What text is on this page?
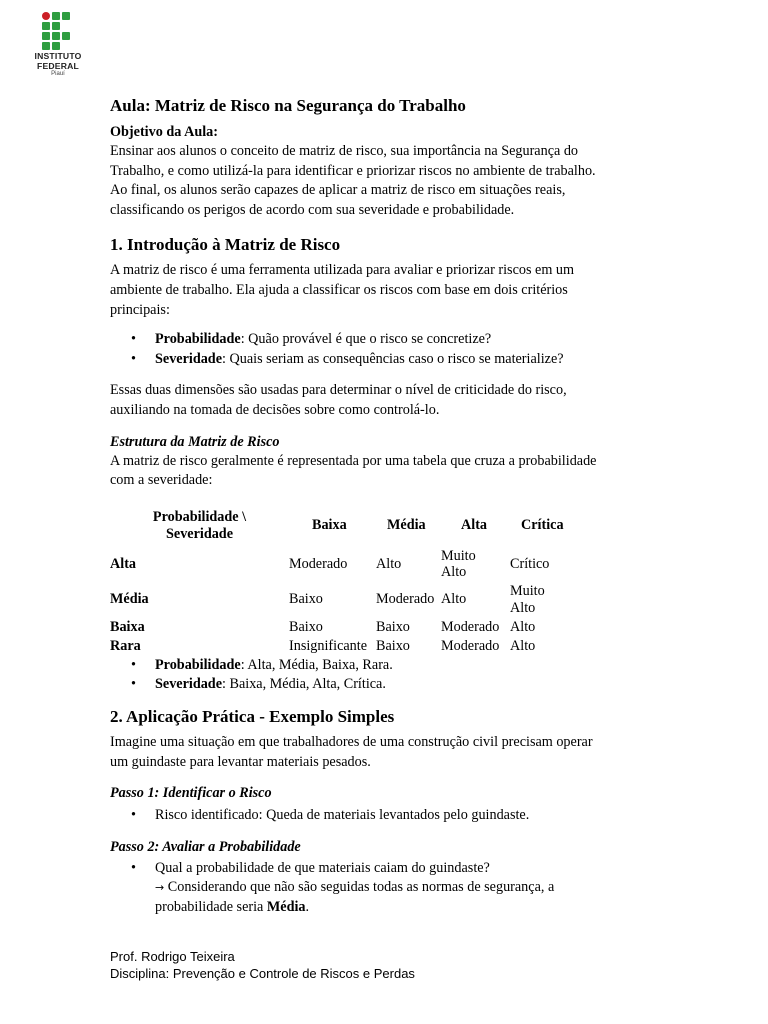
INSTITUTO
FEDERAL
Piauí
Aula: Matriz de Risco na Segurança do Trabalho
Objetivo da Aula:

Ensinar aos alunos o conceito de matriz de risco, sua importância na Segurança do
Trabalho, e como utilizá-la para identificar e priorizar riscos no ambiente de trabalho.
Ao final, os alunos serão capazes de aplicar a matriz de risco em situações reais,
classificando os perigos de acordo com sua severidade e probabilidade.

1. Introdução à Matriz de Risco

A matriz de risco é uma ferramenta utilizada para avaliar e priorizar riscos em um
ambiente de trabalho. Ela ajuda a classificar os riscos com base em dois critérios
principais:

• Probabilidade: Quão provável é que o risco se concretize?
• Severidade: Quais seriam as consequências caso o risco se materialize?

Essas duas dimensões são usadas para determinar o nível de criticidade do risco,
auxiliando na tomada de decisões sobre como controlá-lo.

Estrutura da Matriz de Risco

A matriz de risco geralmente é representada por uma tabela que cruza a probabilidade
com a severidade:

Probabilidade \
Severidade	Baixa	Média	Alta	Crítica
Alta	Moderado	Alto	Muito Alto	Crítico
Média	Baixo	Moderado	Alto	Muito Alto
Baixa	Baixo	Baixo	Moderado	Alto
Rara	Insignificante	Baixo	Moderado	Alto
• Probabilidade: Alta, Média, Baixa, Rara.
• Severidade: Baixa, Média, Alta, Crítica.
2. Aplicação Prática - Exemplo Simples

Imagine uma situação em que trabalhadores de uma construção civil precisam operar
um guindaste para levantar materiais pesados.

Passo 1: Identificar o Risco
• Risco identificado: Queda de materiais levantados pelo guindaste.
Passo 2: Avaliar a Probabilidade
• Qual a probabilidade de que materiais caiam do guindaste?
→ Considerando que não são seguidas todas as normas de segurança, a
probabilidade seria Média.
Prof. Rodrigo Teixeira
Disciplina: Prevenção e Controle de Riscos e Perdas
